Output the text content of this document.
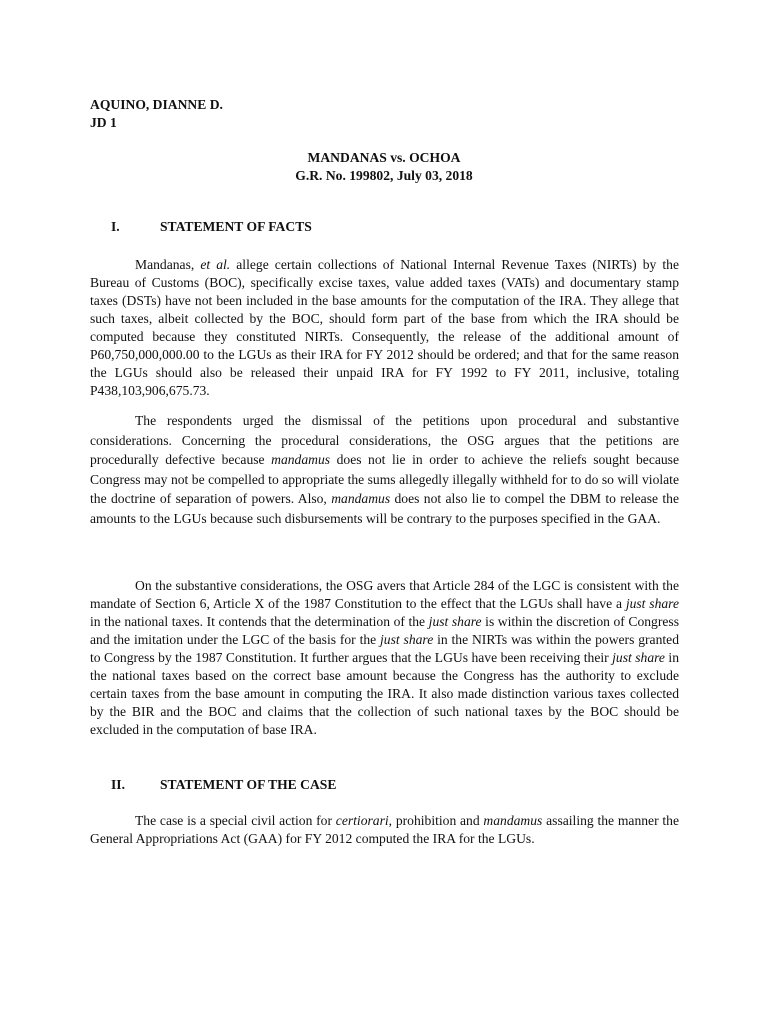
AQUINO, DIANNE D.
JD 1
MANDANAS vs. OCHOA
G.R. No. 199802, July 03, 2018
I.	STATEMENT OF FACTS

Mandanas, et al. allege certain collections of National Internal Revenue Taxes (NIRTs) by the Bureau of Customs (BOC), specifically excise taxes, value added taxes (VATs) and documentary stamp taxes (DSTs) have not been included in the base amounts for the computation of the IRA. They allege that such taxes, albeit collected by the BOC, should form part of the base from which the IRA should be computed because they constituted NIRTs. Consequently, the release of the additional amount of P60,750,000,000.00 to the LGUs as their IRA for FY 2012 should be ordered; and that for the same reason the LGUs should also be released their unpaid IRA for FY 1992 to FY 2011, inclusive, totaling P438,103,906,675.73.

The respondents urged the dismissal of the petitions upon procedural and substantive considerations. Concerning the procedural considerations, the OSG argues that the petitions are procedurally defective because mandamus does not lie in order to achieve the reliefs sought because Congress may not be compelled to appropriate the sums allegedly illegally withheld for to do so will violate the doctrine of separation of powers. Also, mandamus does not also lie to compel the DBM to release the amounts to the LGUs because such disbursements will be contrary to the purposes specified in the GAA.

On the substantive considerations, the OSG avers that Article 284 of the LGC is consistent with the mandate of Section 6, Article X of the 1987 Constitution to the effect that the LGUs shall have a just share in the national taxes. It contends that the determination of the just share is within the discretion of Congress and the imitation under the LGC of the basis for the just share in the NIRTs was within the powers granted to Congress by the 1987 Constitution. It further argues that the LGUs have been receiving their just share in the national taxes based on the correct base amount because the Congress has the authority to exclude certain taxes from the base amount in computing the IRA. It also made distinction various taxes collected by the BIR and the BOC and claims that the collection of such national taxes by the BOC should be excluded in the computation of base IRA.

II.	STATEMENT OF THE CASE

The case is a special civil action for certiorari, prohibition and mandamus assailing the manner the General Appropriations Act (GAA) for FY 2012 computed the IRA for the LGUs.
